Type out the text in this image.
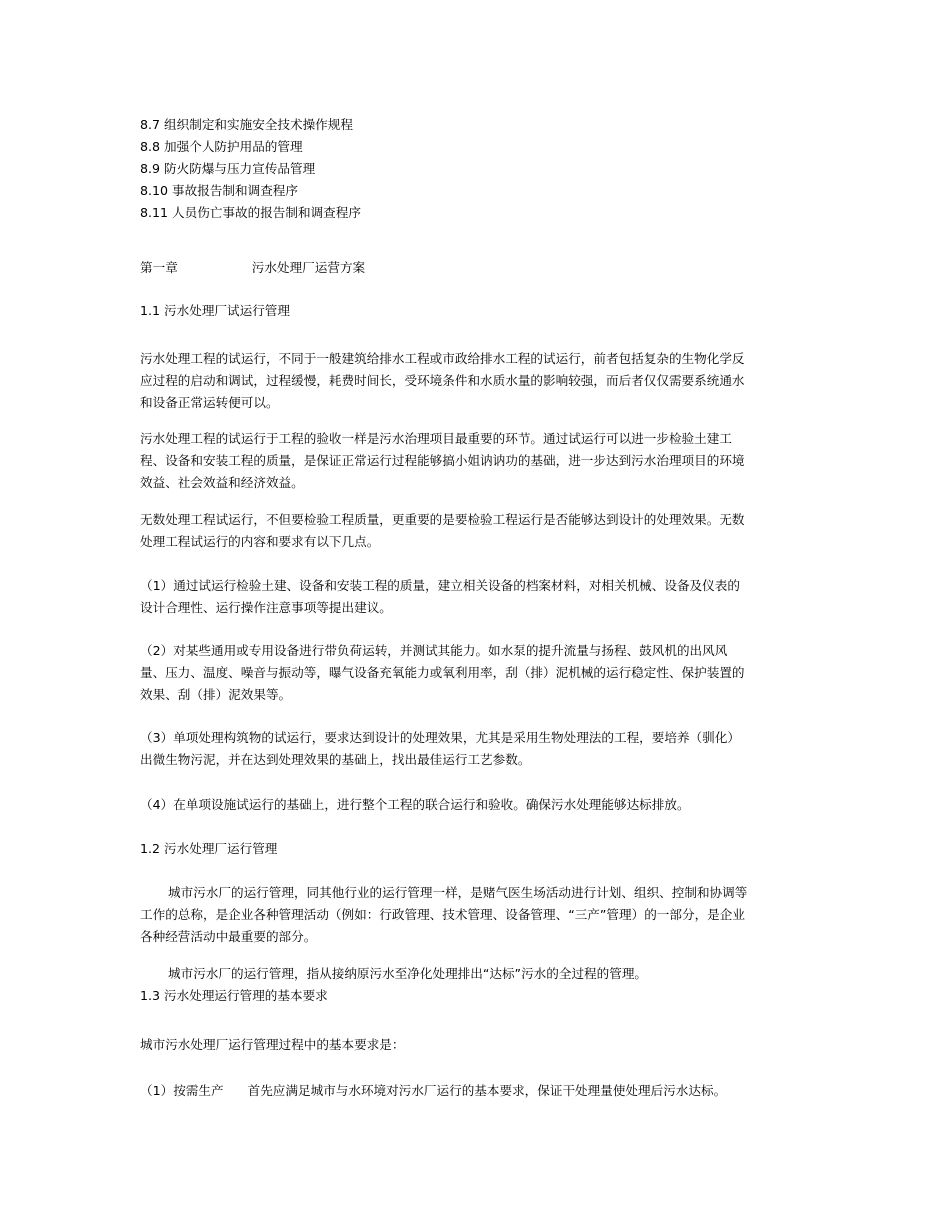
8.7 组织制定和实施安全技术操作规程
8.8 加强个人防护用品的管理
8.9 防火防爆与压力宣传品管理
8.10 事故报告制和调查程序
8.11 人员伤亡事故的报告制和调查程序
第一章	污水处理厂运营方案
1.1 污水处理厂试运行管理
污水处理工程的试运行，不同于一般建筑给排水工程或市政给排水工程的试运行，前者包括复杂的生物化学反
应过程的启动和调试，过程缓慢，耗费时间长，受环境条件和水质水量的影响较强，而后者仅仅需要系统通水
和设备正常运转便可以。
污水处理工程的试运行于工程的验收一样是污水治理项目最重要的环节。通过试运行可以进一步检验土建工
程、设备和安装工程的质量，是保证正常运行过程能够搞小姐讷讷功的基础，进一步达到污水治理项目的环境
效益、社会效益和经济效益。
无数处理工程试运行，不但要检验工程质量，更重要的是要检验工程运行是否能够达到设计的处理效果。无数
处理工程试运行的内容和要求有以下几点。
（1）通过试运行检验土建、设备和安装工程的质量，建立相关设备的档案材料，对相关机械、设备及仪表的
设计合理性、运行操作注意事项等提出建议。
（2）对某些通用或专用设备进行带负荷运转，并测试其能力。如水泵的提升流量与扬程、鼓风机的出风风
量、压力、温度、噪音与振动等，曝气设备充氧能力或氧利用率，刮（排）泥机械的运行稳定性、保护装置的
效果、刮（排）泥效果等。
（3）单项处理构筑物的试运行，要求达到设计的处理效果，尤其是采用生物处理法的工程，要培养（驯化）
出微生物污泥，并在达到处理效果的基础上，找出最佳运行工艺参数。
（4）在单项设施试运行的基础上，进行整个工程的联合运行和验收。确保污水处理能够达标排放。
1.2 污水处理厂运行管理
城市污水厂的运行管理，同其他行业的运行管理一样，是赌气医生场活动进行计划、组织、控制和协调等
工作的总称，是企业各种管理活动（例如：行政管理、技术管理、设备管理、“三产”管理）的一部分，是企业
各种经营活动中最重要的部分。
城市污水厂的运行管理，指从接纳原污水至净化处理排出“达标”污水的全过程的管理。
1.3 污水处理运行管理的基本要求
城市污水处理厂运行管理过程中的基本要求是：
（1）按需生产      首先应满足城市与水环境对污水厂运行的基本要求，保证干处理量使处理后污水达标。
